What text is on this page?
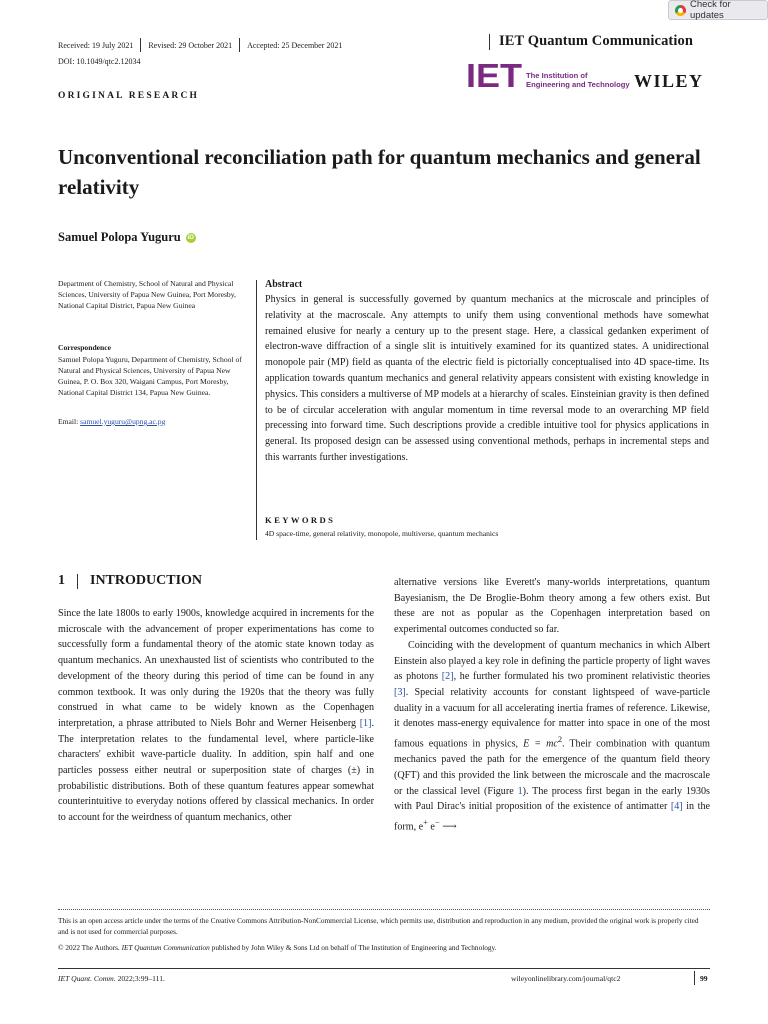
Check for updates
Received: 19 July 2021 Revised: 29 October 2021 Accepted: 25 December 2021	IET Quantum Communication
DOI: 10.1049/qtc2.12034	IET The Institution of
Engineering and Technology WILEY
ORIGINAL RESEARCH
Unconventional reconciliation path for quantum mechanics and general relativity
Samuel Polopa Yuguru iD
Department of Chemistry, School of Natural and Physical Sciences, University of Papua New Guinea, Port Moresby, National Capital District, Papua New Guinea
Correspondence
Samuel Polopa Yuguru, Department of Chemistry, School of Natural and Physical Sciences, University of Papua New Guinea, P. O. Box 320, Waigani Campus, Port Moresby, National Capital District 134, Papua New Guinea.
Email: samuel.yuguru@upng.ac.pg
Abstract
Physics in general is successfully governed by quantum mechanics at the microscale and principles of relativity at the macroscale. Any attempts to unify them using conventional methods have somewhat remained elusive for nearly a century up to the present stage. Here, a classical gedanken experiment of electron-wave diffraction of a single slit is intuitively examined for its quantized states. A unidirectional monopole pair (MP) field as quanta of the electric field is pictorially conceptualised into 4D space-time. Its application towards quantum mechanics and general relativity appears consistent with existing knowledge in physics. This considers a multiverse of MP models at a hierarchy of scales. Einsteinian gravity is then defined to be of circular acceleration with angular momentum in time reversal mode to an overarching MP field precessing into forward time. Such descriptions provide a credible intuitive tool for physics applications in general. Its proposed design can be assessed using conventional methods, perhaps in incremental steps and this warrants further investigations.
KEYWORDS
4D space-time, general relativity, monopole, multiverse, quantum mechanics
1 INTRODUCTION

Since the late 1800s to early 1900s, knowledge acquired in increments for the microscale with the advancement of proper experimentations has come to successfully form a fundamental theory of the atomic state known today as quantum mechanics. An unexhausted list of scientists who contributed to the development of the theory during this period of time can be found in any common textbook. It was only during the 1920s that the theory was fully construed in what came to be widely known as the Copenhagen interpretation, a phrase attributed to Niels Bohr and Werner Heisenberg [1]. The interpretation relates to the fundamental level, where particle-like characters' exhibit wave-particle duality. In addition, spin half and one particles possess either neutral or superposition state of charges (±) in probabilistic distributions. Both of these quantum features appear somewhat counterintuitive to everyday notions offered by classical mechanics. In order to account for the weirdness of quantum mechanics, other

alternative versions like Everett's many-worlds interpretations, quantum Bayesianism, the De Broglie-Bohm theory among a few others exist. But these are not as popular as the Copenhagen interpretation based on experimental outcomes conducted so far.

Coinciding with the development of quantum mechanics in which Albert Einstein also played a key role in defining the particle property of light waves as photons [2], he further formulated his two prominent relativistic theories [3]. Special relativity accounts for constant lightspeed of wave-particle duality in a vacuum for all accelerating inertia frames of reference. Likewise, it denotes mass-energy equivalence for matter into space in one of the most famous equations in physics, $E = mc^2$. Their combination with quantum mechanics paved the path for the emergence of the quantum field theory (QFT) and this provided the link between the microscale and the macroscale or the classical level (Figure 1). The process first began in the early 1930s with Paul Dirac's initial proposition of the existence of antimatter [4] in the form, e+ e− ⟶

This is an open access article under the terms of the Creative Commons Attribution-NonCommercial License, which permits use, distribution and reproduction in any medium, provided the original work is properly cited and is not used for commercial purposes.
© 2022 The Authors. IET Quantum Communication published by John Wiley & Sons Ltd on behalf of The Institution of Engineering and Technology.
IET Quant. Comm. 2022;3:99–111.	wileyonlinelibrary.com/journal/qtc2	99
